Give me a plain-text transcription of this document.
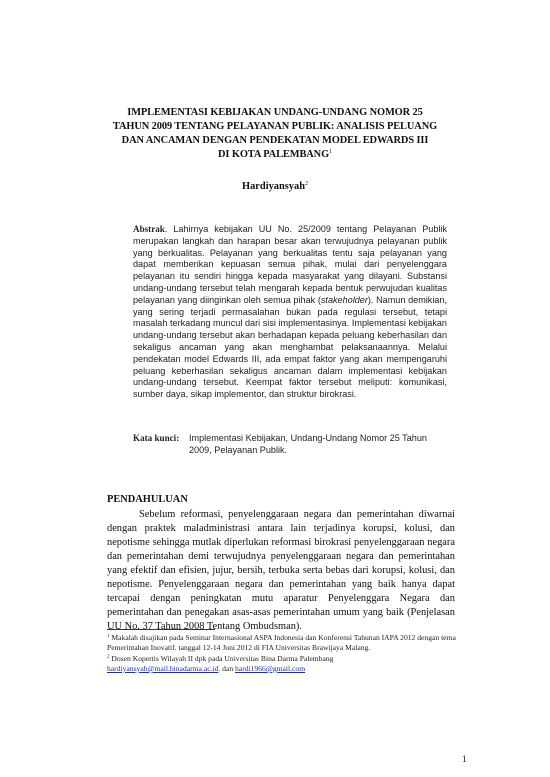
IMPLEMENTASI KEBIJAKAN UNDANG-UNDANG NOMOR 25
TAHUN 2009 TENTANG PELAYANAN PUBLIK: ANALISIS PELUANG
DAN ANCAMAN DENGAN PENDEKATAN MODEL EDWARDS III
DI KOTA PALEMBANG$^1$
Hardiyansyah$^2$
Abstrak. Lahirnya kebijakan UU No. 25/2009 tentang Pelayanan Publik merupakan langkah dan harapan besar akan terwujudnya pelayanan publik yang berkualitas. Pelayanan yang berkualitas tentu saja pelayanan yang dapat memberikan kepuasan semua pihak, mulai dari penyelenggara pelayanan itu sendiri hingga kepada masyarakat yang dilayani. Substansi undang-undang tersebut telah mengarah kepada bentuk perwujudan kualitas pelayanan yang diinginkan oleh semua pihak (stakeholder). Namun demikian, yang sering terjadi permasalahan bukan pada regulasi tersebut, tetapi masalah terkadang muncul dari sisi implementasinya. Implementasi kebijakan undang-undang tersebut akan berhadapan kepada peluang keberhasilan dan sekaligus ancaman yang akan menghambat pelaksanaannya. Melalui pendekatan model Edwards III, ada empat faktor yang akan mempengaruhi peluang keberhasilan sekaligus ancaman dalam implementasi kebijakan undang-undang tersebut. Keempat faktor tersebut meliputi: komunikasi, sumber daya, sikap implementor, dan struktur birokrasi.
Kata kunci:	Implementasi Kebijakan, Undang-Undang Nomor 25 Tahun 2009, Pelayanan Publik.
PENDAHULUAN
Sebelum reformasi, penyelenggaraan negara dan pemerintahan diwarnai dengan praktek maladministrasi antara lain terjadinya korupsi, kolusi, dan nepotisme sehingga mutlak diperlukan reformasi birokrasi penyelenggaraan negara dan pemerintahan demi terwujudnya penyelenggaraan negara dan pemerintahan yang efektif dan efisien, jujur, bersih, terbuka serta bebas dari korupsi, kolusi, dan nepotisme. Penyelenggaraan negara dan pemerintahan yang baik hanya dapat tercapai dengan peningkatan mutu aparatur Penyelenggara Negara dan pemerintahan dan penegakan asas-asas pemerintahan umum yang baik (Penjelasan UU No. 37 Tahun 2008 Tentang Ombudsman).

$^1$ Makalah disajikan pada Seminar Internasional ASPA Indonesia dan Konferensi Tahunan IAPA 2012 dengan tema Pemerintahan Inovatif. tanggal 12-14 Juni 2012 di FIA Universitas Brawijaya Malang.

$^2$ Dosen Kopertis Wilayah II dpk pada Universitas Bina Darma Palembang

hardiyansyah@mail.binadarma.ac.id. dan hardi1966@gmail.com

1
